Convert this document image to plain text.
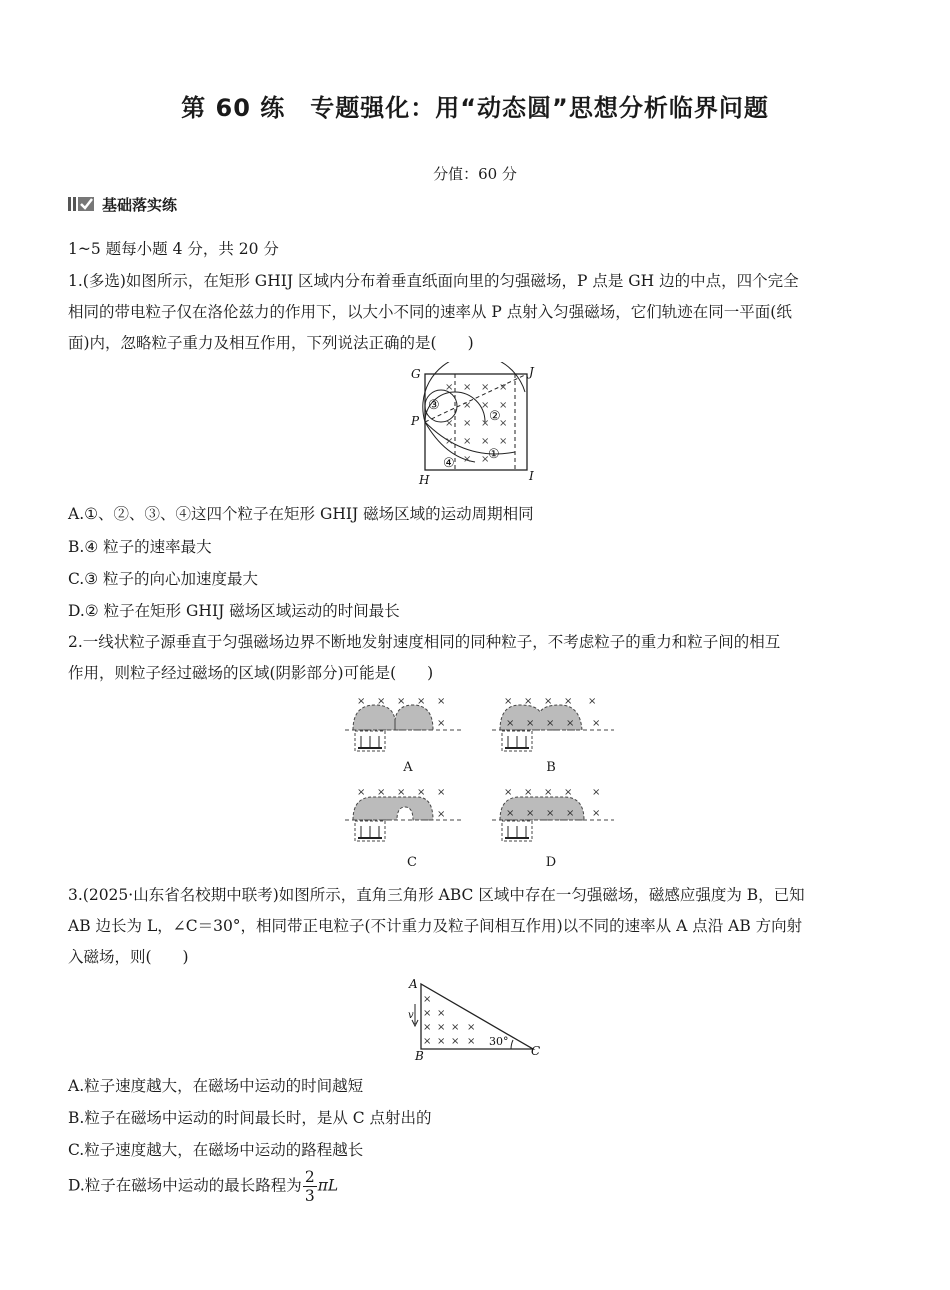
第 60 练　专题强化：用“动态圆”思想分析临界问题
分值：60 分
基础落实练
1~5 题每小题 4 分，共 20 分
1.(多选)如图所示，在矩形 GHIJ 区域内分布着垂直纸面向里的匀强磁场，P 点是 GH 边的中点，四个完全
相同的带电粒子仅在洛伦兹力的作用下，以大小不同的速率从 P 点射入匀强磁场，它们轨迹在同一平面(纸
面)内，忽略粒子重力及相互作用，下列说法正确的是(　　)
× × × ×
× × ×
× × × ×
× × × ×
× ×
G	J
P
H	I
①
②
③
④
A.①、②、③、④这四个粒子在矩形 GHIJ 磁场区域的运动周期相同
B.④ 粒子的速率最大
C.③ 粒子的向心加速度最大
D.② 粒子在矩形 GHIJ 磁场区域运动的时间最长
2.一线状粒子源垂直于匀强磁场边界不断地发射速度相同的同种粒子，不考虑粒子的重力和粒子间的相互
作用，则粒子经过磁场的区域(阴影部分)可能是(　　)
× × × × ×
×
× × × × ×
× × × × ×
A	B
× × × × ×
×
× × × × ×
× × × × ×
C	D
3.(2025·山东省名校期中联考)如图所示，直角三角形 ABC 区域中存在一匀强磁场，磁感应强度为 B，已知
AB 边长为 L，∠C＝30°，相同带正电粒子(不计重力及粒子间相互作用)以不同的速率从 A 点沿 AB 方向射
入磁场，则(　　)
×
× ×
× × × ×
× × × ×
A
B	C
v
30°
A.粒子速度越大，在磁场中运动的时间越短
B.粒子在磁场中运动的时间最长时，是从 C 点射出的
C.粒子速度越大，在磁场中运动的路程越长
D.粒子在磁场中运动的最长路程为 $\frac{2}{3}$ πL
